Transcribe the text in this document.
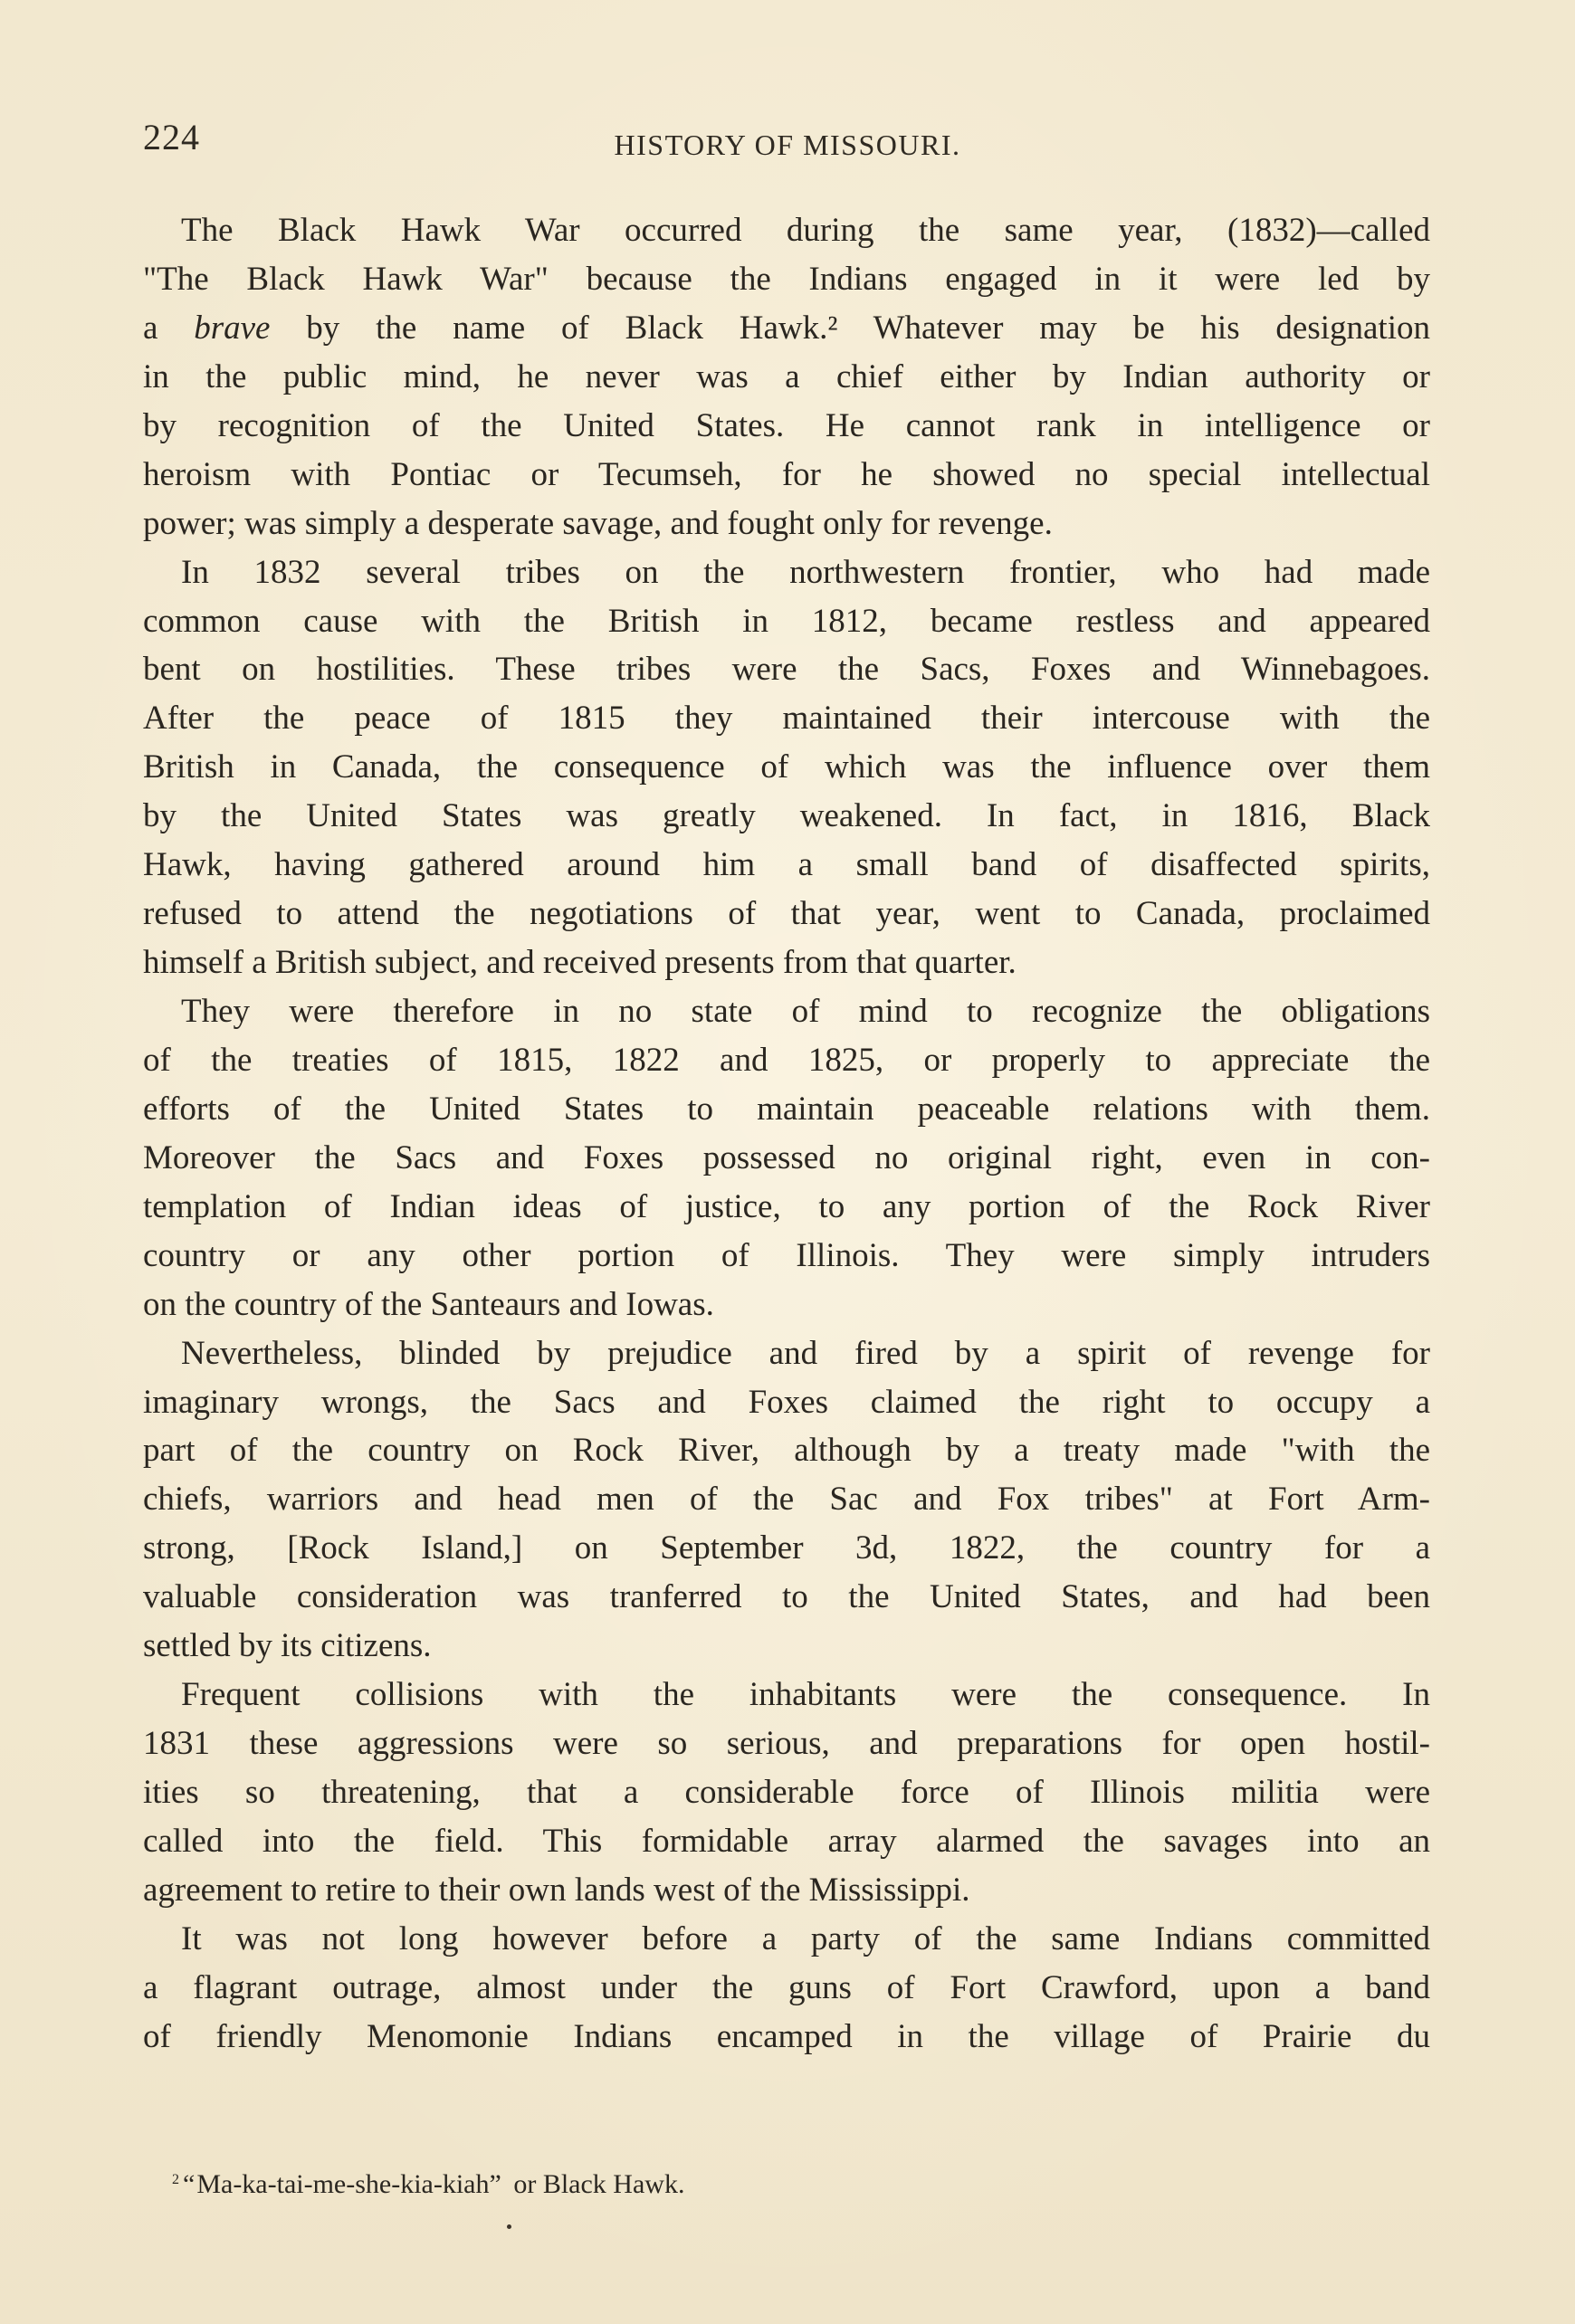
224	HISTORY OF MISSOURI.
The Black Hawk War occurred during the same year, (1832)—called
"The Black Hawk War" because the Indians engaged in it were led by
a brave by the name of Black Hawk.² Whatever may be his designation
in the public mind, he never was a chief either by Indian authority or
by recognition of the United States. He cannot rank in intelligence or
heroism with Pontiac or Tecumseh, for he showed no special intellectual
power; was simply a desperate savage, and fought only for revenge.
In 1832 several tribes on the northwestern frontier, who had made
common cause with the British in 1812, became restless and appeared
bent on hostilities. These tribes were the Sacs, Foxes and Winnebagoes.
After the peace of 1815 they maintained their intercouse with the
British in Canada, the consequence of which was the influence over them
by the United States was greatly weakened. In fact, in 1816, Black
Hawk, having gathered around him a small band of disaffected spirits,
refused to attend the negotiations of that year, went to Canada, proclaimed
himself a British subject, and received presents from that quarter.
They were therefore in no state of mind to recognize the obligations
of the treaties of 1815, 1822 and 1825, or properly to appreciate the
efforts of the United States to maintain peaceable relations with them.
Moreover the Sacs and Foxes possessed no original right, even in con-
templation of Indian ideas of justice, to any portion of the Rock River
country or any other portion of Illinois. They were simply intruders
on the country of the Santeaurs and Iowas.
Nevertheless, blinded by prejudice and fired by a spirit of revenge for
imaginary wrongs, the Sacs and Foxes claimed the right to occupy a
part of the country on Rock River, although by a treaty made "with the
chiefs, warriors and head men of the Sac and Fox tribes" at Fort Arm-
strong, [Rock Island,] on September 3d, 1822, the country for a
valuable consideration was tranferred to the United States, and had been
settled by its citizens.
Frequent collisions with the inhabitants were the consequence. In
1831 these aggressions were so serious, and preparations for open hostil-
ities so threatening, that a considerable force of Illinois militia were
called into the field. This formidable array alarmed the savages into an
agreement to retire to their own lands west of the Mississippi.
It was not long however before a party of the same Indians committed
a flagrant outrage, almost under the guns of Fort Crawford, upon a band
of friendly Menomonie Indians encamped in the village of Prairie du
$^2$ “Ma-ka-tai-me-she-kia-kiah” or Black Hawk.
